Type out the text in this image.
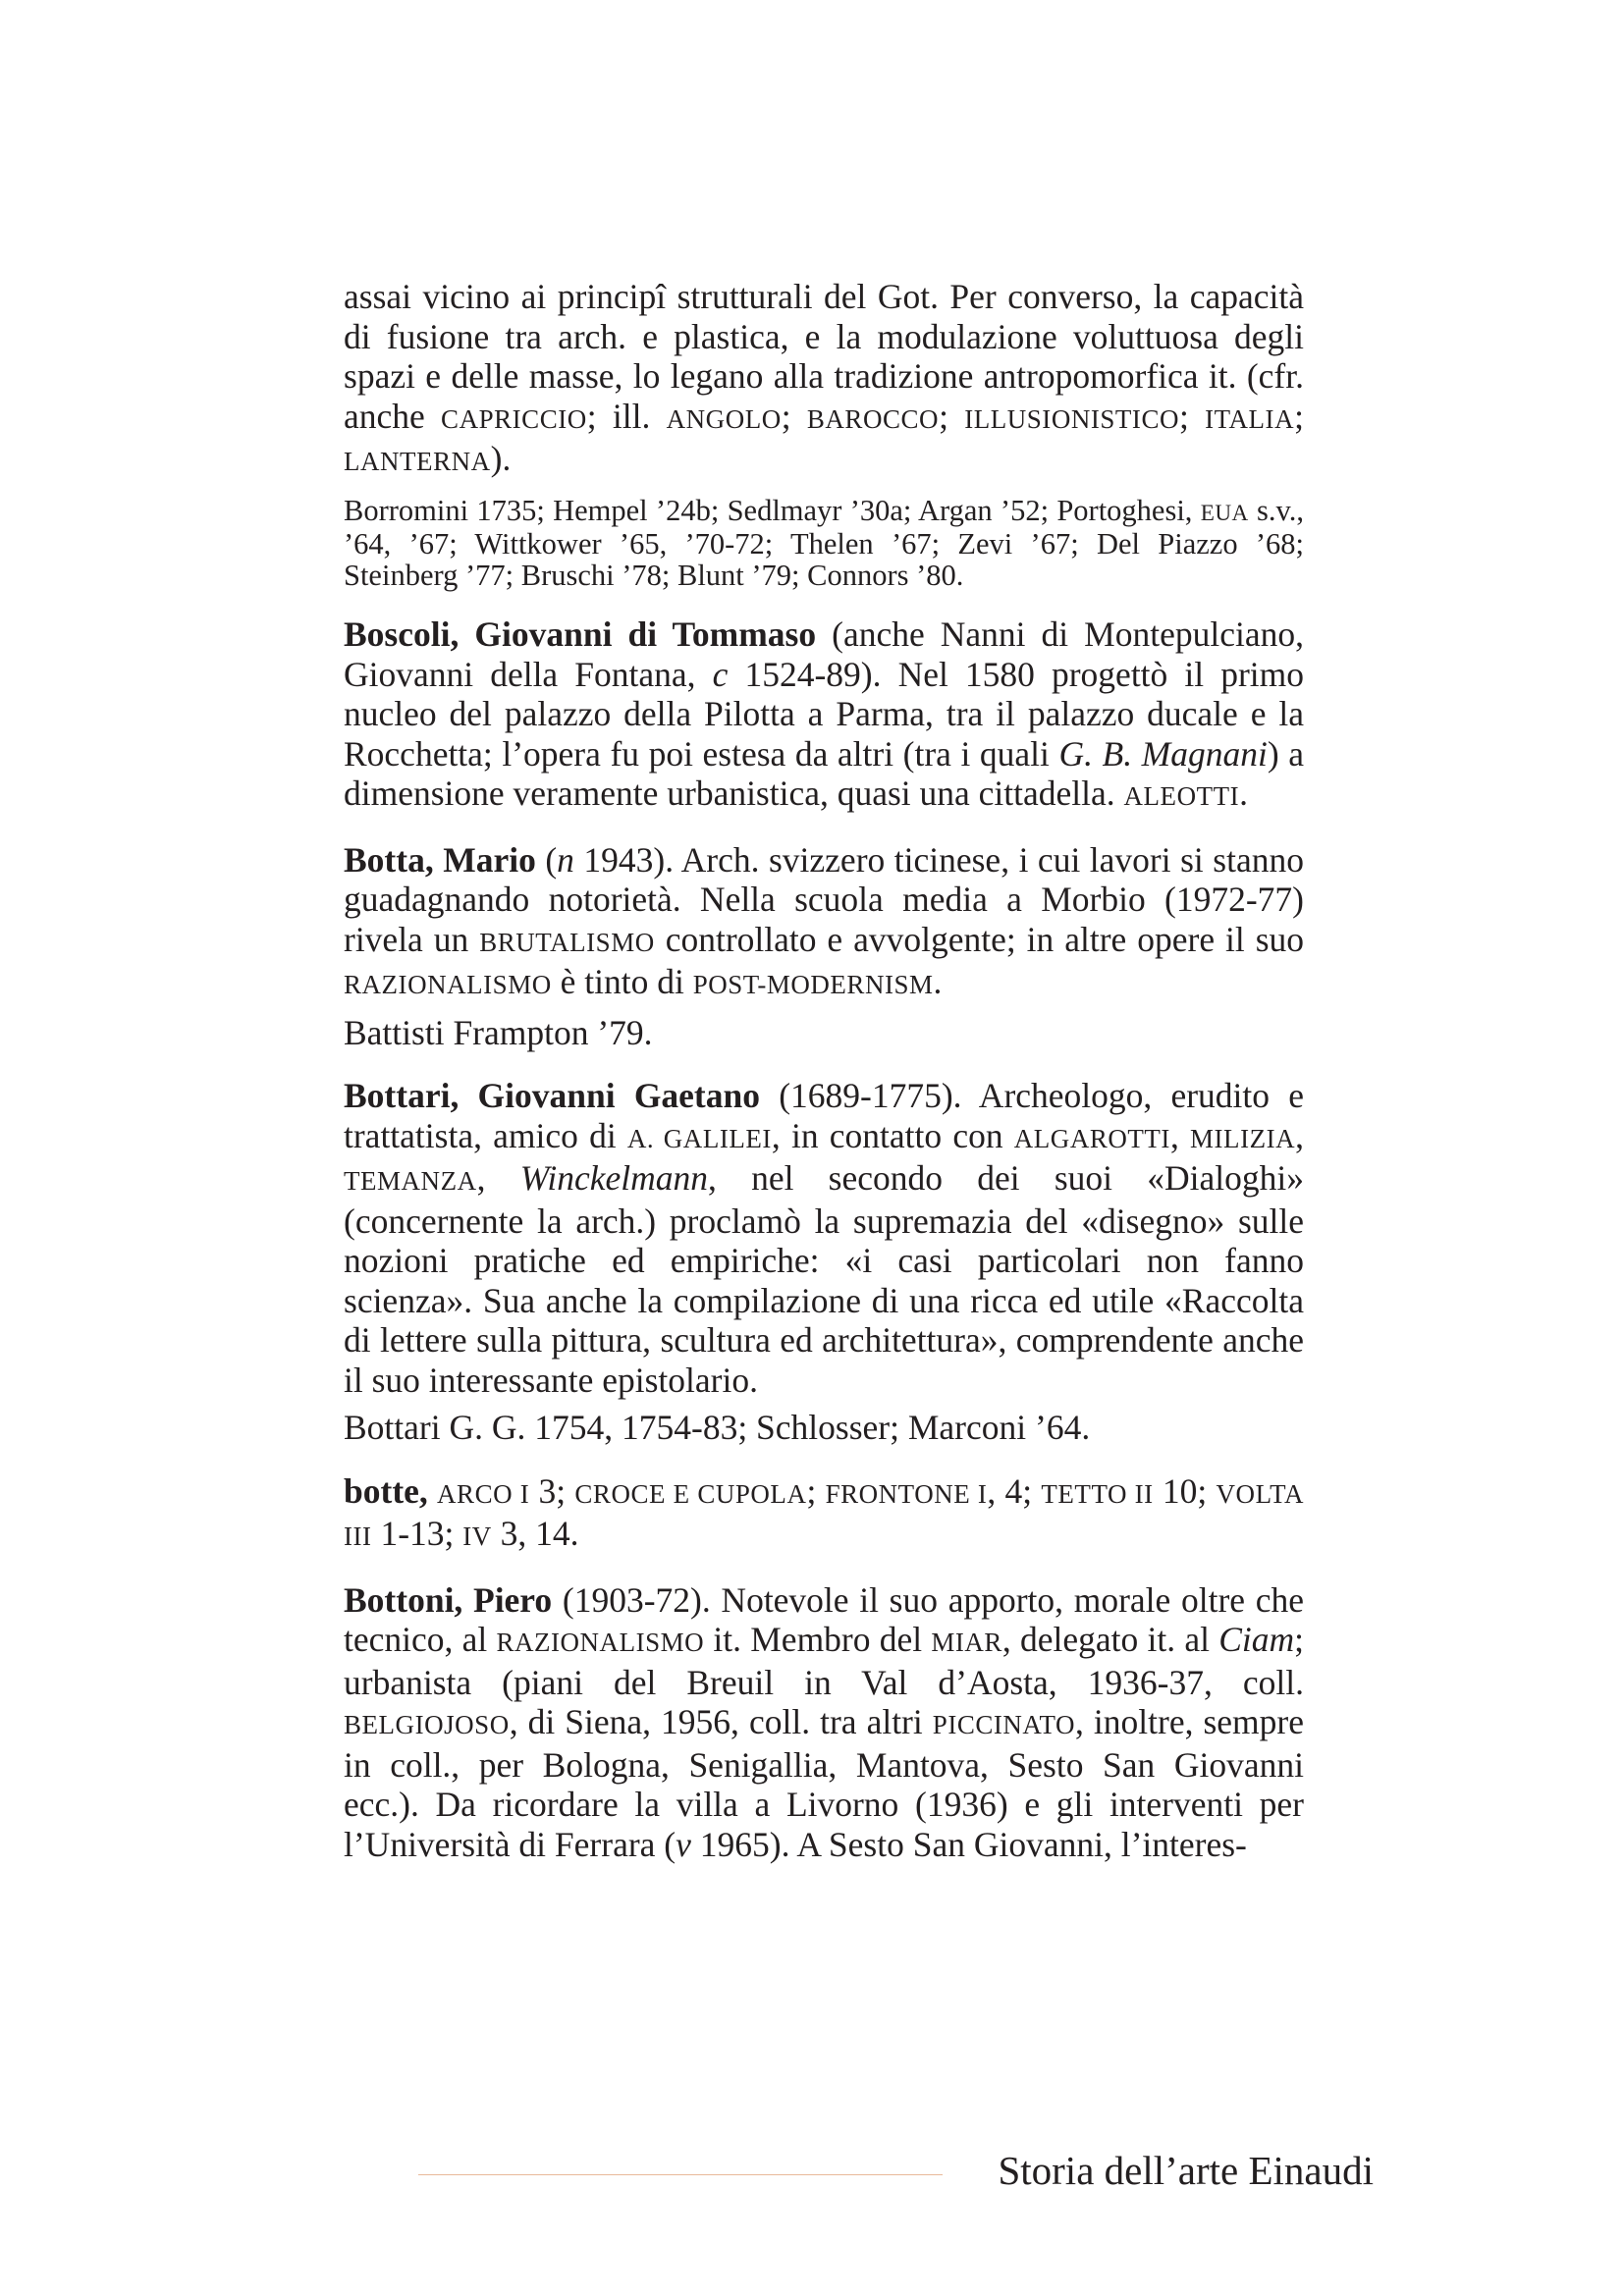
assai vicino ai principî strutturali del Got. Per converso, la capacità di fusione tra arch. e plastica, e la modulazione voluttuosa degli spazi e delle masse, lo legano alla tradizione antropomorfica it. (cfr. anche CAPRICCIO; ill. ANGOLO; BAROCCO; ILLUSIONISTICO; ITALIA; LANTERNA).

Borromini 1735; Hempel ’24b; Sedlmayr ’30a; Argan ’52; Portoghesi, EUA s.v., ’64, ’67; Wittkower ’65, ’70-72; Thelen ’67; Zevi ’67; Del Piazzo ’68; Steinberg ’77; Bruschi ’78; Blunt ’79; Connors ’80.

Boscoli, Giovanni di Tommaso (anche Nanni di Montepulciano, Giovanni della Fontana, c 1524-89). Nel 1580 progettò il primo nucleo del palazzo della Pilotta a Parma, tra il palazzo ducale e la Rocchetta; l’opera fu poi estesa da altri (tra i quali G. B. Magnani) a dimensione veramente urbanistica, quasi una cittadella. ALEOTTI.

Botta, Mario (n 1943). Arch. svizzero ticinese, i cui lavori si stanno guadagnando notorietà. Nella scuola media a Morbio (1972-77) rivela un BRUTALISMO controllato e avvolgente; in altre opere il suo RAZIONALISMO è tinto di POST-MODERNISM.

Battisti Frampton ’79.

Bottari, Giovanni Gaetano (1689-1775). Archeologo, erudito e trattatista, amico di A. GALILEI, in contatto con ALGAROTTI, MILIZIA, TEMANZA, Winckelmann, nel secondo dei suoi «Dialoghi» (concernente la arch.) proclamò la supremazia del «disegno» sulle nozioni pratiche ed empiriche: «i casi particolari non fanno scienza». Sua anche la compilazione di una ricca ed utile «Raccolta di lettere sulla pittura, scultura ed architettura», comprendente anche il suo interessante epistolario.

Bottari G. G. 1754, 1754-83; Schlosser; Marconi ’64.

botte, ARCO I 3; CROCE E CUPOLA; FRONTONE I, 4; TETTO II 10; VOLTA III 1-13; IV 3, 14.

Bottoni, Piero (1903-72). Notevole il suo apporto, morale oltre che tecnico, al RAZIONALISMO it. Membro del MIAR, delegato it. al Ciam; urbanista (piani del Breuil in Val d’Aosta, 1936-37, coll. BELGIOJOSO, di Siena, 1956, coll. tra altri PICCINATO, inoltre, sempre in coll., per Bologna, Senigallia, Mantova, Sesto San Giovanni ecc.). Da ricordare la villa a Livorno (1936) e gli interventi per l’Università di Ferrara (v 1965). A Sesto San Giovanni, l’interes-

Storia dell’arte Einaudi
